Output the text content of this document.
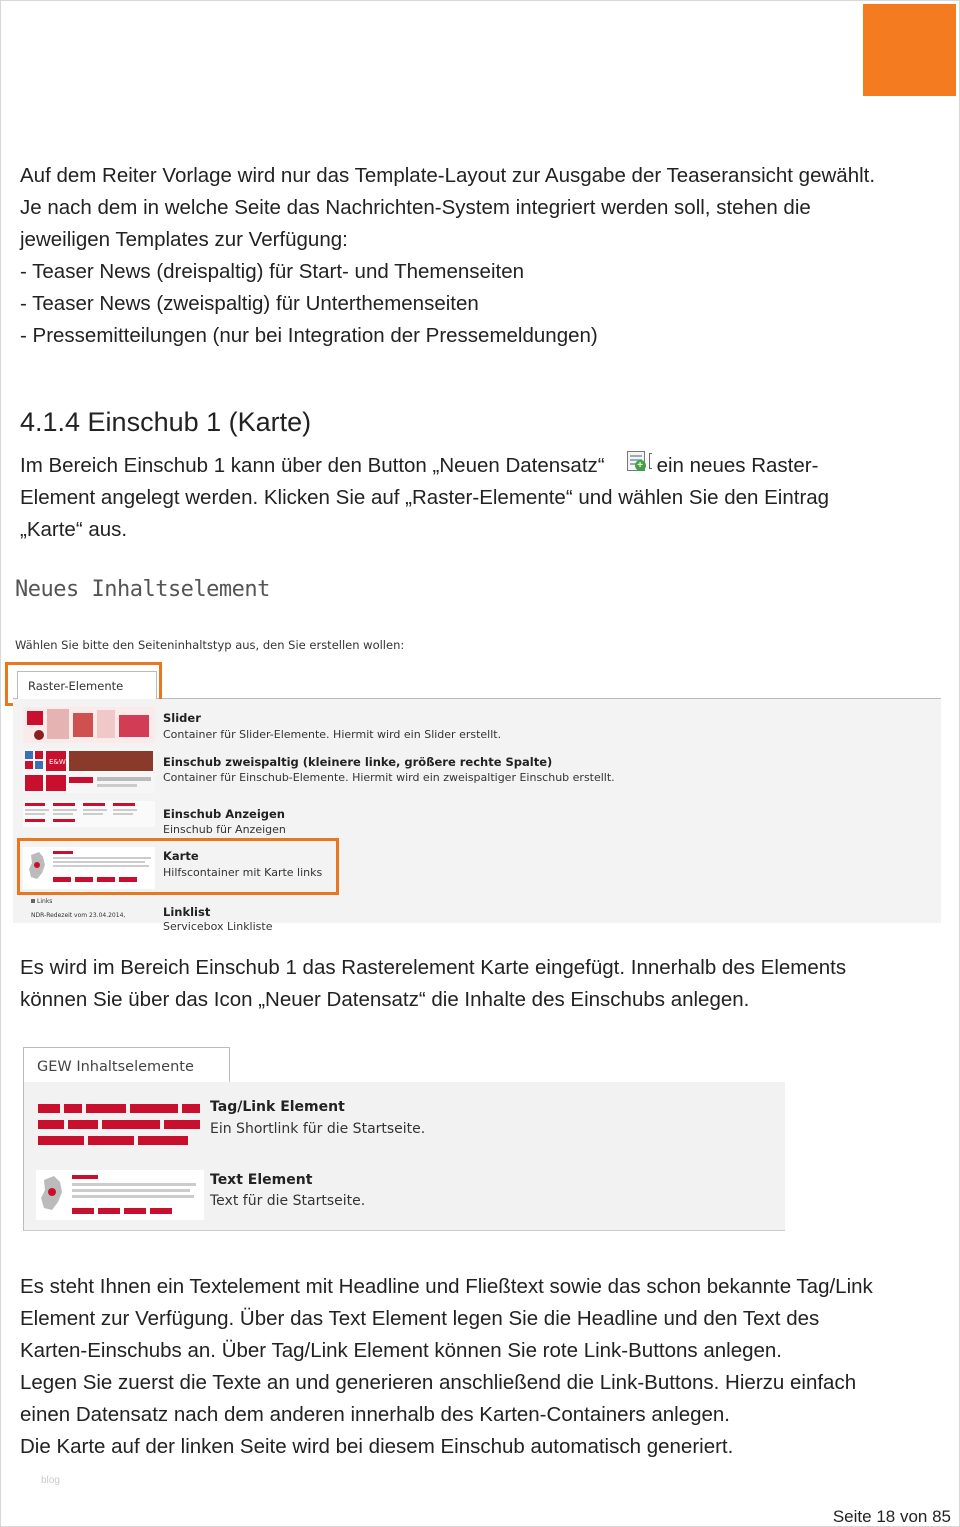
Auf dem Reiter Vorlage wird nur das Template-Layout zur Ausgabe der Teaseransicht gewählt.

Je nach dem in welche Seite das Nachrichten-System integriert werden soll, stehen die

jeweiligen Templates zur Verfügung:

- Teaser News (dreispaltig) für Start- und Themenseiten

- Teaser News (zweispaltig) für Unterthemenseiten

- Pressemitteilungen (nur bei Integration der Pressemeldungen)

4.1.4 Einschub 1 (Karte)

Im Bereich Einschub 1 kann über den Button „Neuen Datensatz“	+ ein neues Raster-

Element angelegt werden. Klicken Sie auf „Raster-Elemente“ und wählen Sie den Eintrag

„Karte“ aus.

Neues Inhaltselement
Wählen Sie bitte den Seiteninhaltstyp aus, den Sie erstellen wollen:
Raster-Elemente
Slider
Container für Slider-Elemente. Hiermit wird ein Slider erstellt.
E&W	Einschub zweispaltig (kleinere linke, größere rechte Spalte)
Container für Einschub-Elemente. Hiermit wird ein zweispaltiger Einschub erstellt.
Einschub Anzeigen
Einschub für Anzeigen
Karte
Hilfscontainer mit Karte links
Links
NDR-Redezeit vom 23.04.2014,	Linklist
Servicebox Linkliste

Es wird im Bereich Einschub 1 das Rasterelement Karte eingefügt. Innerhalb des Elements

können Sie über das Icon „Neuer Datensatz“ die Inhalte des Einschubs anlegen.

GEW Inhaltselemente
Tag/Link Element
Ein Shortlink für die Startseite.
Text Element
Text für die Startseite.

Es steht Ihnen ein Textelement mit Headline und Fließtext sowie das schon bekannte Tag/Link

Element zur Verfügung. Über das Text Element legen Sie die Headline und den Text des

Karten-Einschubs an. Über Tag/Link Element können Sie rote Link-Buttons anlegen.

Legen Sie zuerst die Texte an und generieren anschließend die Link-Buttons. Hierzu einfach

einen Datensatz nach dem anderen innerhalb des Karten-Containers anlegen.

Die Karte auf der linken Seite wird bei diesem Einschub automatisch generiert.

blog
Seite 18 von 85
